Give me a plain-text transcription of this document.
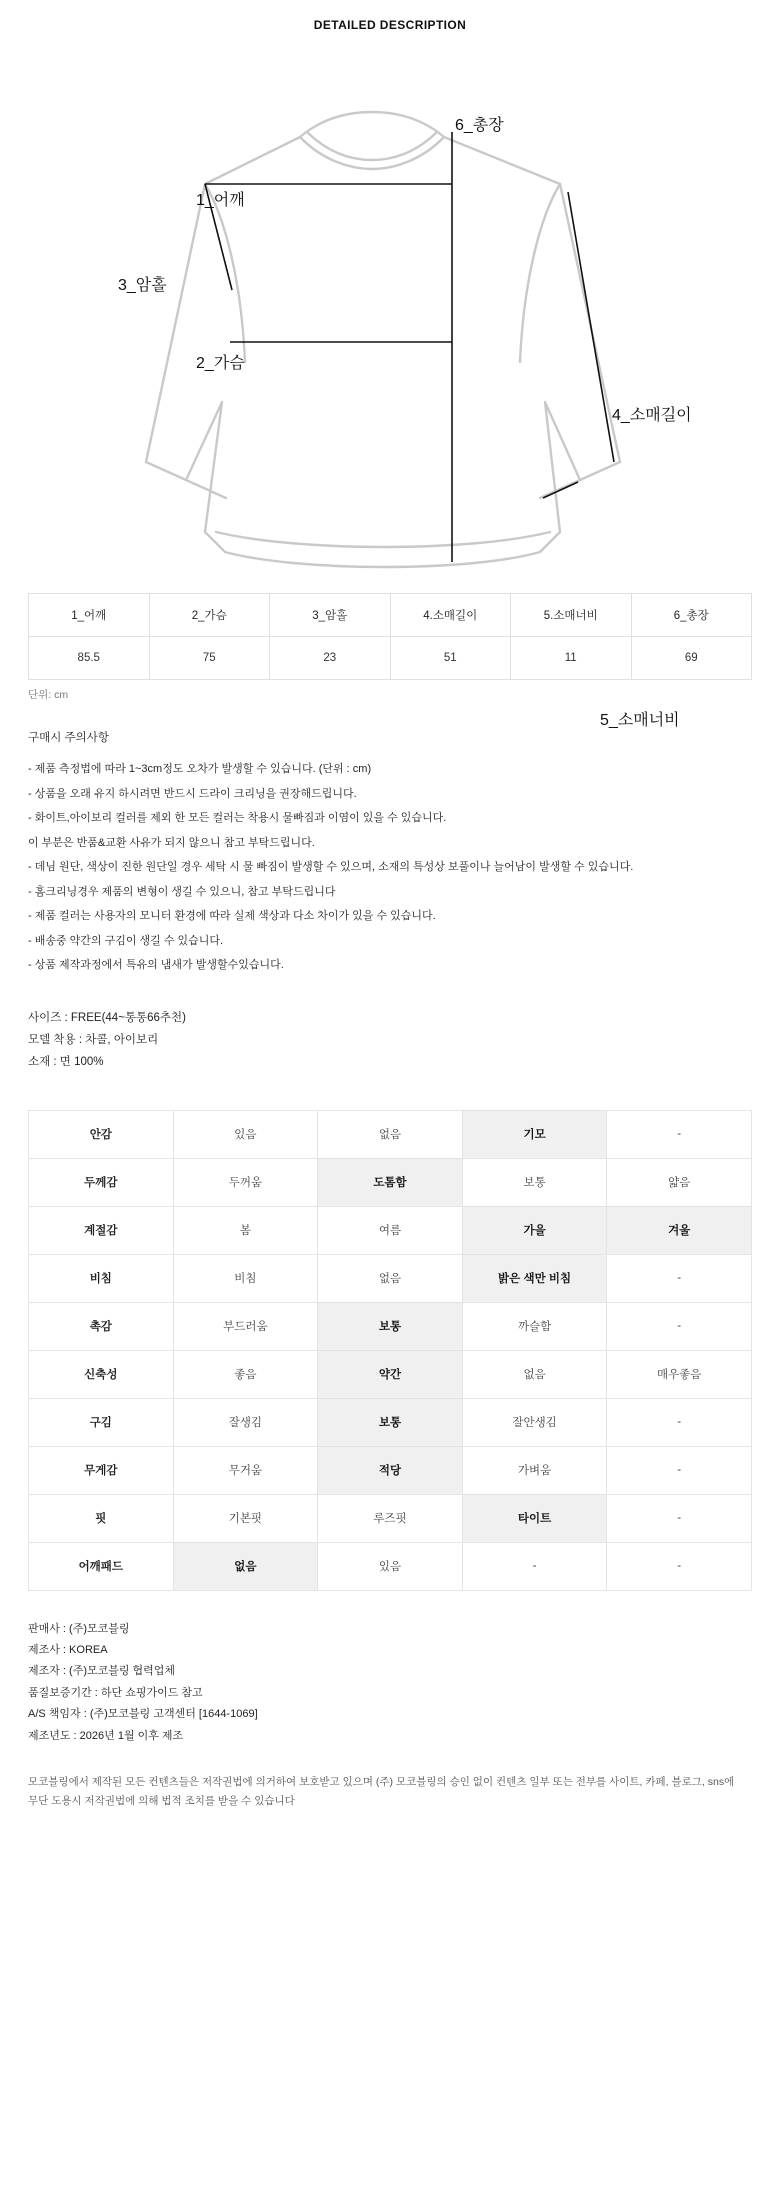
DETAILED DESCRIPTION
1_어깨
3_암홀
2_가슴
6_총장
4_소매길이
5_소매너비
1_어깨	2_가슴	3_암홀	4.소매길이	5.소매너비	6_총장
85.5	75	23	51	11	69
단위: cm

구매시 주의사항

- 제품 측정법에 따라 1~3cm정도 오차가 발생할 수 있습니다. (단위 : cm)

- 상품을 오래 유지 하시려면 반드시 드라이 크리닝을 권장해드립니다.

- 화이트,아이보리 컬러를 제외 한 모든 컬러는 착용시 물빠짐과 이염이 있을 수 있습니다.

이 부분은 반품&교환 사유가 되지 않으니 참고 부탁드립니다.

- 데님 원단, 색상이 진한 원단일 경우 세탁 시 물 빠짐이 발생할 수 있으며, 소재의 특성상 보풀이나 늘어남이 발생할 수 있습니다.

- 홈크리닝경우 제품의 변형이 생길 수 있으니, 참고 부탁드립니다

- 제품 컬러는 사용자의 모니터 환경에 따라 실제 색상과 다소 차이가 있을 수 있습니다.

- 배송중 약간의 구김이 생길 수 있습니다.

- 상품 제작과정에서 특유의 냄새가 발생할수있습니다.

사이즈 : FREE(44~통통66추천)

모델 착용 : 차콜, 아이보리

소재 : 면 100%

안감	있음	없음	기모	-
두께감	두꺼움	도톰함	보통	얇음
계절감	봄	여름	가을	겨울
비침	비침	없음	밝은 색만 비침	-
촉감	부드러움	보통	까슬함	-
신축성	좋음	약간	없음	매우좋음
구김	잘생김	보통	잘안생김	-
무게감	무거움	적당	가벼움	-
핏	기본핏	루즈핏	타이트	-
어깨패드	없음	있음	-	-

판매사 : (주)모코블링

제조사 : KOREA

제조자 : (주)모코블링 협력업체

품질보증기간 : 하단 쇼핑가이드 참고

A/S 책임자 : (주)모코블링 고객센터 [1644-1069]

제조년도 : 2026년 1월 이후 제조

모코블링에서 제작된 모든 컨텐츠들은 저작권법에 의거하여 보호받고 있으며 (주) 모코블링의 승인 없이 컨텐츠 일부 또는 전부를 사이트, 카페, 블로그, sns에

무단 도용시 저작권법에 의해 법적 조치를 받을 수 있습니다
